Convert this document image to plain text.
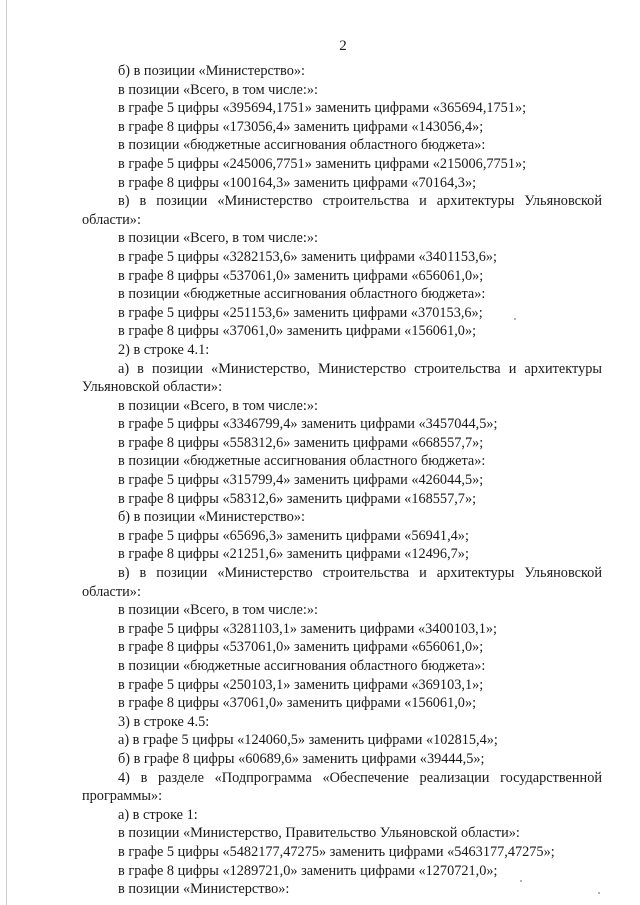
2
б) в позиции «Министерство»:
в позиции «Всего, в том числе:»:
в графе 5 цифры «395694,1751» заменить цифрами «365694,1751»;
в графе 8 цифры «173056,4» заменить цифрами «143056,4»;
в позиции «бюджетные ассигнования областного бюджета»:
в графе 5 цифры «245006,7751» заменить цифрами «215006,7751»;
в графе 8 цифры «100164,3» заменить цифрами «70164,3»;
в) в позиции «Министерство строительства и архитектуры Ульяновской
области»:
в позиции «Всего, в том числе:»:
в графе 5 цифры «3282153,6» заменить цифрами «3401153,6»;
в графе 8 цифры «537061,0» заменить цифрами «656061,0»;
в позиции «бюджетные ассигнования областного бюджета»:
в графе 5 цифры «251153,6» заменить цифрами «370153,6»;
в графе 8 цифры «37061,0» заменить цифрами «156061,0»;
2) в строке 4.1:
а) в позиции «Министерство, Министерство строительства и архитектуры
Ульяновской области»:
в позиции «Всего, в том числе:»:
в графе 5 цифры «3346799,4» заменить цифрами «3457044,5»;
в графе 8 цифры «558312,6» заменить цифрами «668557,7»;
в позиции «бюджетные ассигнования областного бюджета»:
в графе 5 цифры «315799,4» заменить цифрами «426044,5»;
в графе 8 цифры «58312,6» заменить цифрами «168557,7»;
б) в позиции «Министерство»:
в графе 5 цифры «65696,3» заменить цифрами «56941,4»;
в графе 8 цифры «21251,6» заменить цифрами «12496,7»;
в) в позиции «Министерство строительства и архитектуры Ульяновской
области»:
в позиции «Всего, в том числе:»:
в графе 5 цифры «3281103,1» заменить цифрами «3400103,1»;
в графе 8 цифры «537061,0» заменить цифрами «656061,0»;
в позиции «бюджетные ассигнования областного бюджета»:
в графе 5 цифры «250103,1» заменить цифрами «369103,1»;
в графе 8 цифры «37061,0» заменить цифрами «156061,0»;
3) в строке 4.5:
а) в графе 5 цифры «124060,5» заменить цифрами «102815,4»;
б) в графе 8 цифры «60689,6» заменить цифрами «39444,5»;
4) в разделе «Подпрограмма «Обеспечение реализации государственной
программы»:
а) в строке 1:
в позиции «Министерство, Правительство Ульяновской области»:
в графе 5 цифры «5482177,47275» заменить цифрами «5463177,47275»;
в графе 8 цифры «1289721,0» заменить цифрами «1270721,0»;
в позиции «Министерство»:
